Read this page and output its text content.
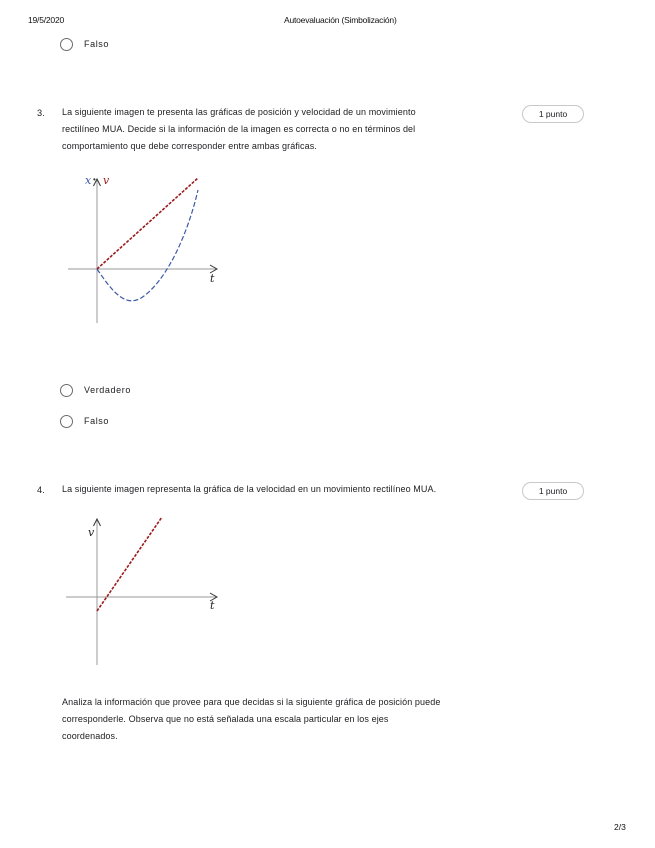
19/5/2020	Autoevaluación (Simbolización)
Falso
3. La siguiente imagen te presenta las gráficas de posición y velocidad de un movimiento
rectilíneo MUA. Decide si la información de la imagen es correcta o no en términos del
comportamiento que debe corresponder entre ambas gráficas.
1 punto
x • v
t
Verdadero
Falso
4. La siguiente imagen representa la gráfica de la velocidad en un movimiento rectilíneo MUA.	1 punto
v
t
Analiza la información que provee para que decidas si la siguiente gráfica de posición puede
corresponderle. Observa que no está señalada una escala particular en los ejes
coordenados.
2/3
